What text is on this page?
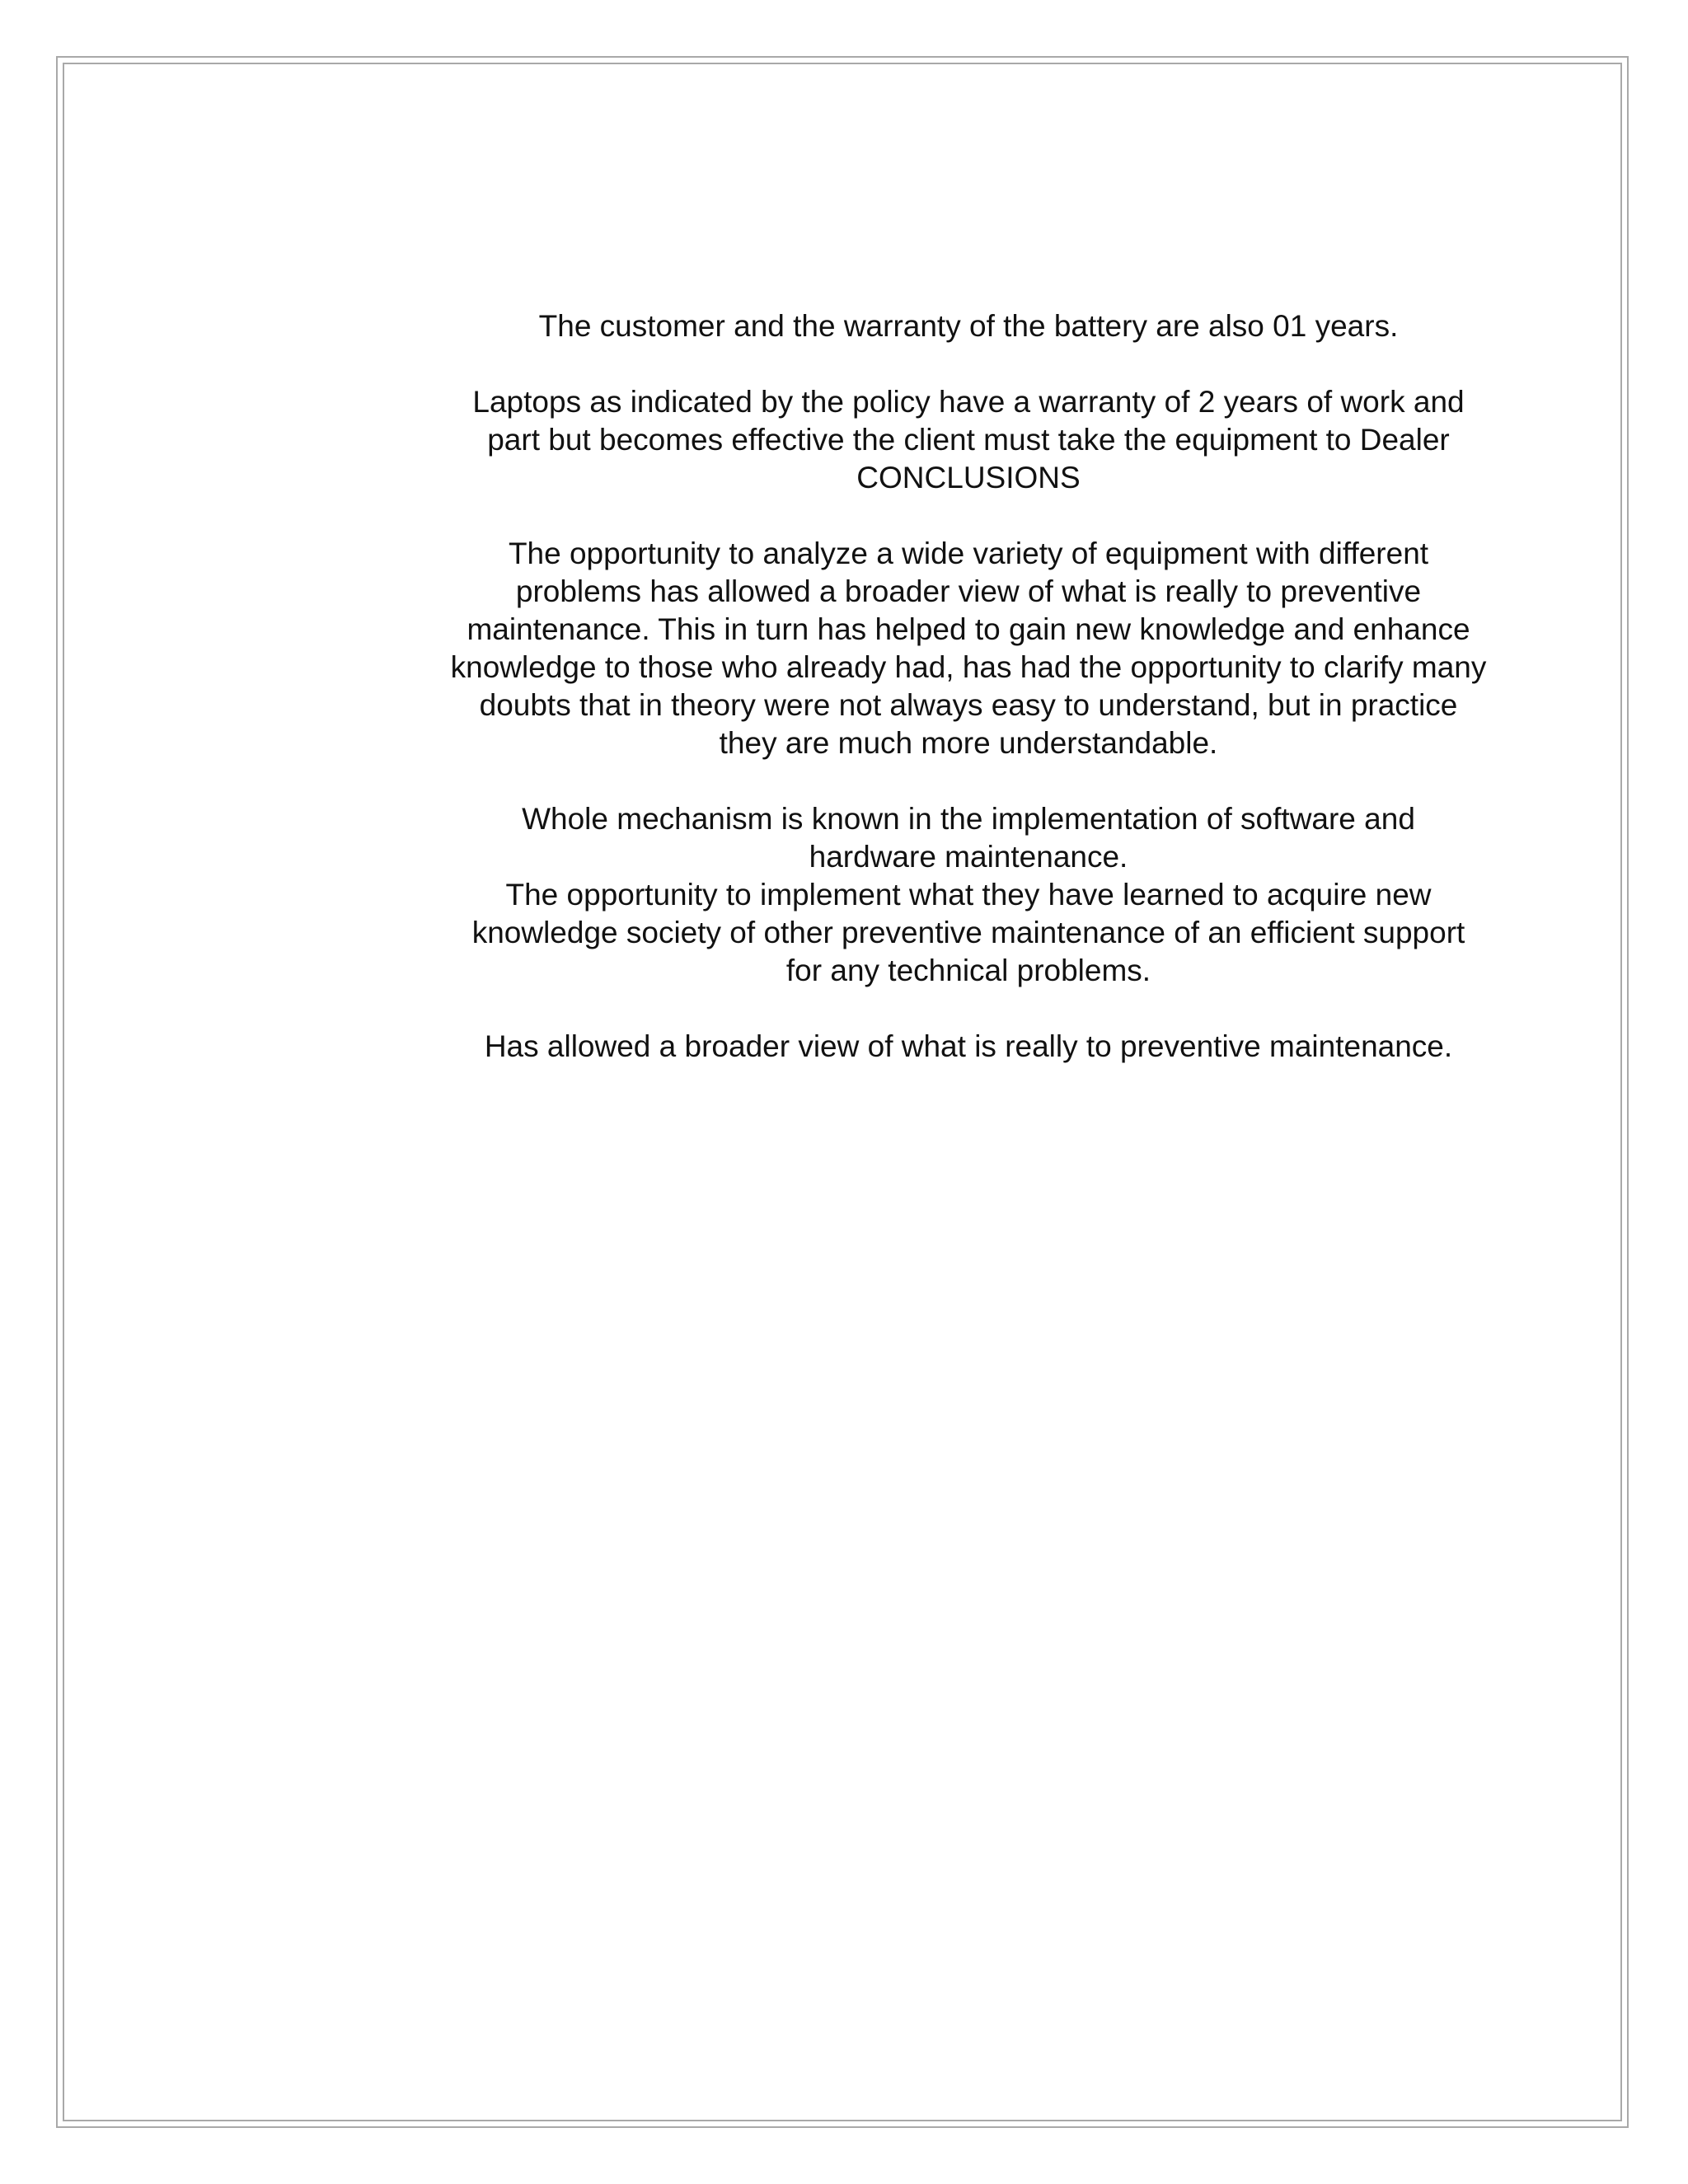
The customer and the warranty of the battery are also 01 years.

Laptops as indicated by the policy have a warranty of 2 years of work and

part but becomes effective the client must take the equipment to Dealer

CONCLUSIONS

The opportunity to analyze a wide variety of equipment with different

problems has allowed a broader view of what is really to preventive

maintenance. This in turn has helped to gain new knowledge and enhance

knowledge to those who already had, has had the opportunity to clarify many

doubts that in theory were not always easy to understand, but in practice

they are much more understandable.

Whole mechanism is known in the implementation of software and

hardware maintenance.

The opportunity to implement what they have learned to acquire new

knowledge society of other preventive maintenance of an efficient support

for any technical problems.

Has allowed a broader view of what is really to preventive maintenance.
